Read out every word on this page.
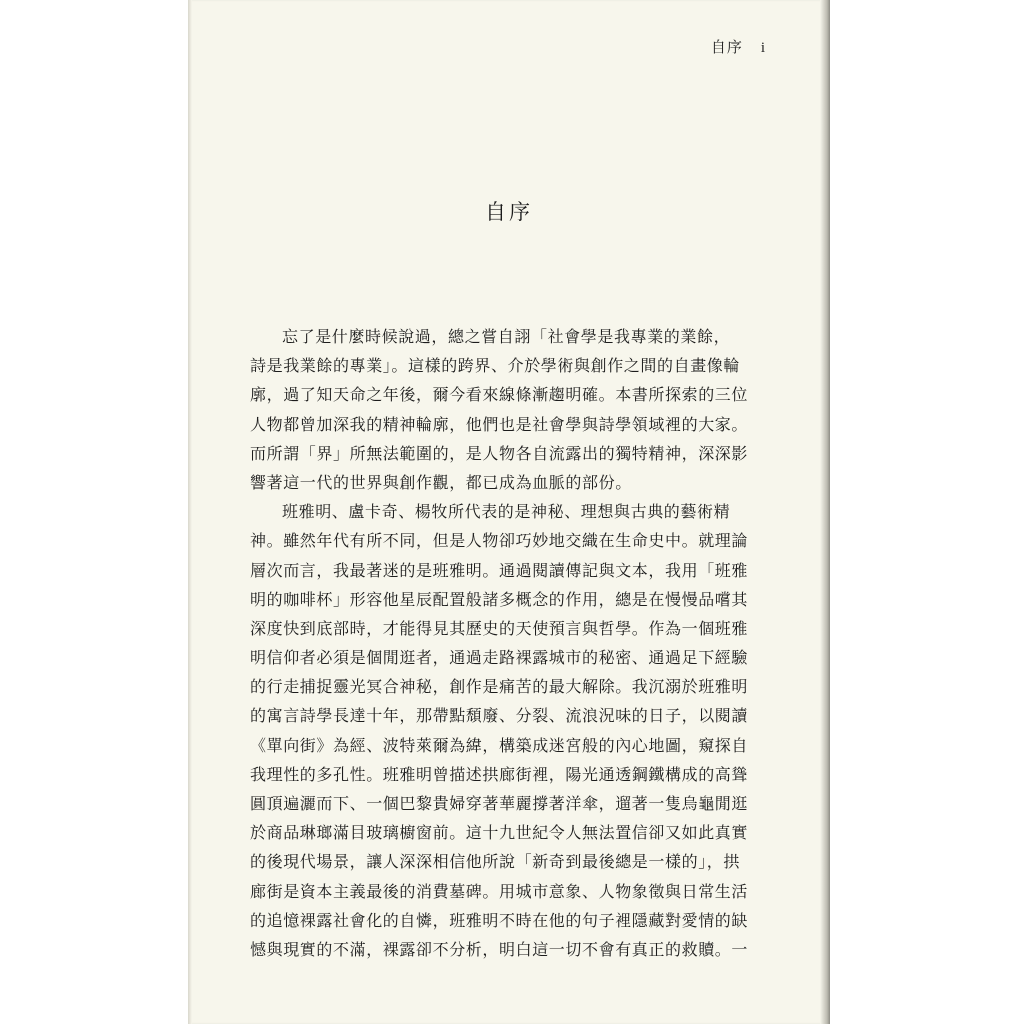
自序 i
自序
忘了是什麼時候說過，總之嘗自詡「社會學是我專業的業餘，
詩是我業餘的專業」。這樣的跨界、介於學術與創作之間的自畫像輪
廓，過了知天命之年後，爾今看來線條漸趨明確。本書所探索的三位
人物都曾加深我的精神輪廓，他們也是社會學與詩學領域裡的大家。
而所謂「界」所無法範圍的，是人物各自流露出的獨特精神，深深影
響著這一代的世界與創作觀，都已成為血脈的部份。
班雅明、盧卡奇、楊牧所代表的是神秘、理想與古典的藝術精
神。雖然年代有所不同，但是人物卻巧妙地交織在生命史中。就理論
層次而言，我最著迷的是班雅明。通過閱讀傳記與文本，我用「班雅
明的咖啡杯」形容他星辰配置般諸多概念的作用，總是在慢慢品嚐其
深度快到底部時，才能得見其歷史的天使預言與哲學。作為一個班雅
明信仰者必須是個閒逛者，通過走路裸露城市的秘密、通過足下經驗
的行走捕捉靈光冥合神秘，創作是痛苦的最大解除。我沉溺於班雅明
的寓言詩學長達十年，那帶點頹廢、分裂、流浪況味的日子，以閱讀
《單向街》為經、波特萊爾為緯，構築成迷宮般的內心地圖，窺探自
我理性的多孔性。班雅明曾描述拱廊街裡，陽光通透鋼鐵構成的高聳
圓頂遍灑而下、一個巴黎貴婦穿著華麗撐著洋傘，遛著一隻烏龜閒逛
於商品琳瑯滿目玻璃櫥窗前。這十九世紀令人無法置信卻又如此真實
的後現代場景，讓人深深相信他所說「新奇到最後總是一樣的」，拱
廊街是資本主義最後的消費墓碑。用城市意象、人物象徵與日常生活
的追憶裸露社會化的自憐，班雅明不時在他的句子裡隱藏對愛情的缺
憾與現實的不滿，裸露卻不分析，明白這一切不會有真正的救贖。一
